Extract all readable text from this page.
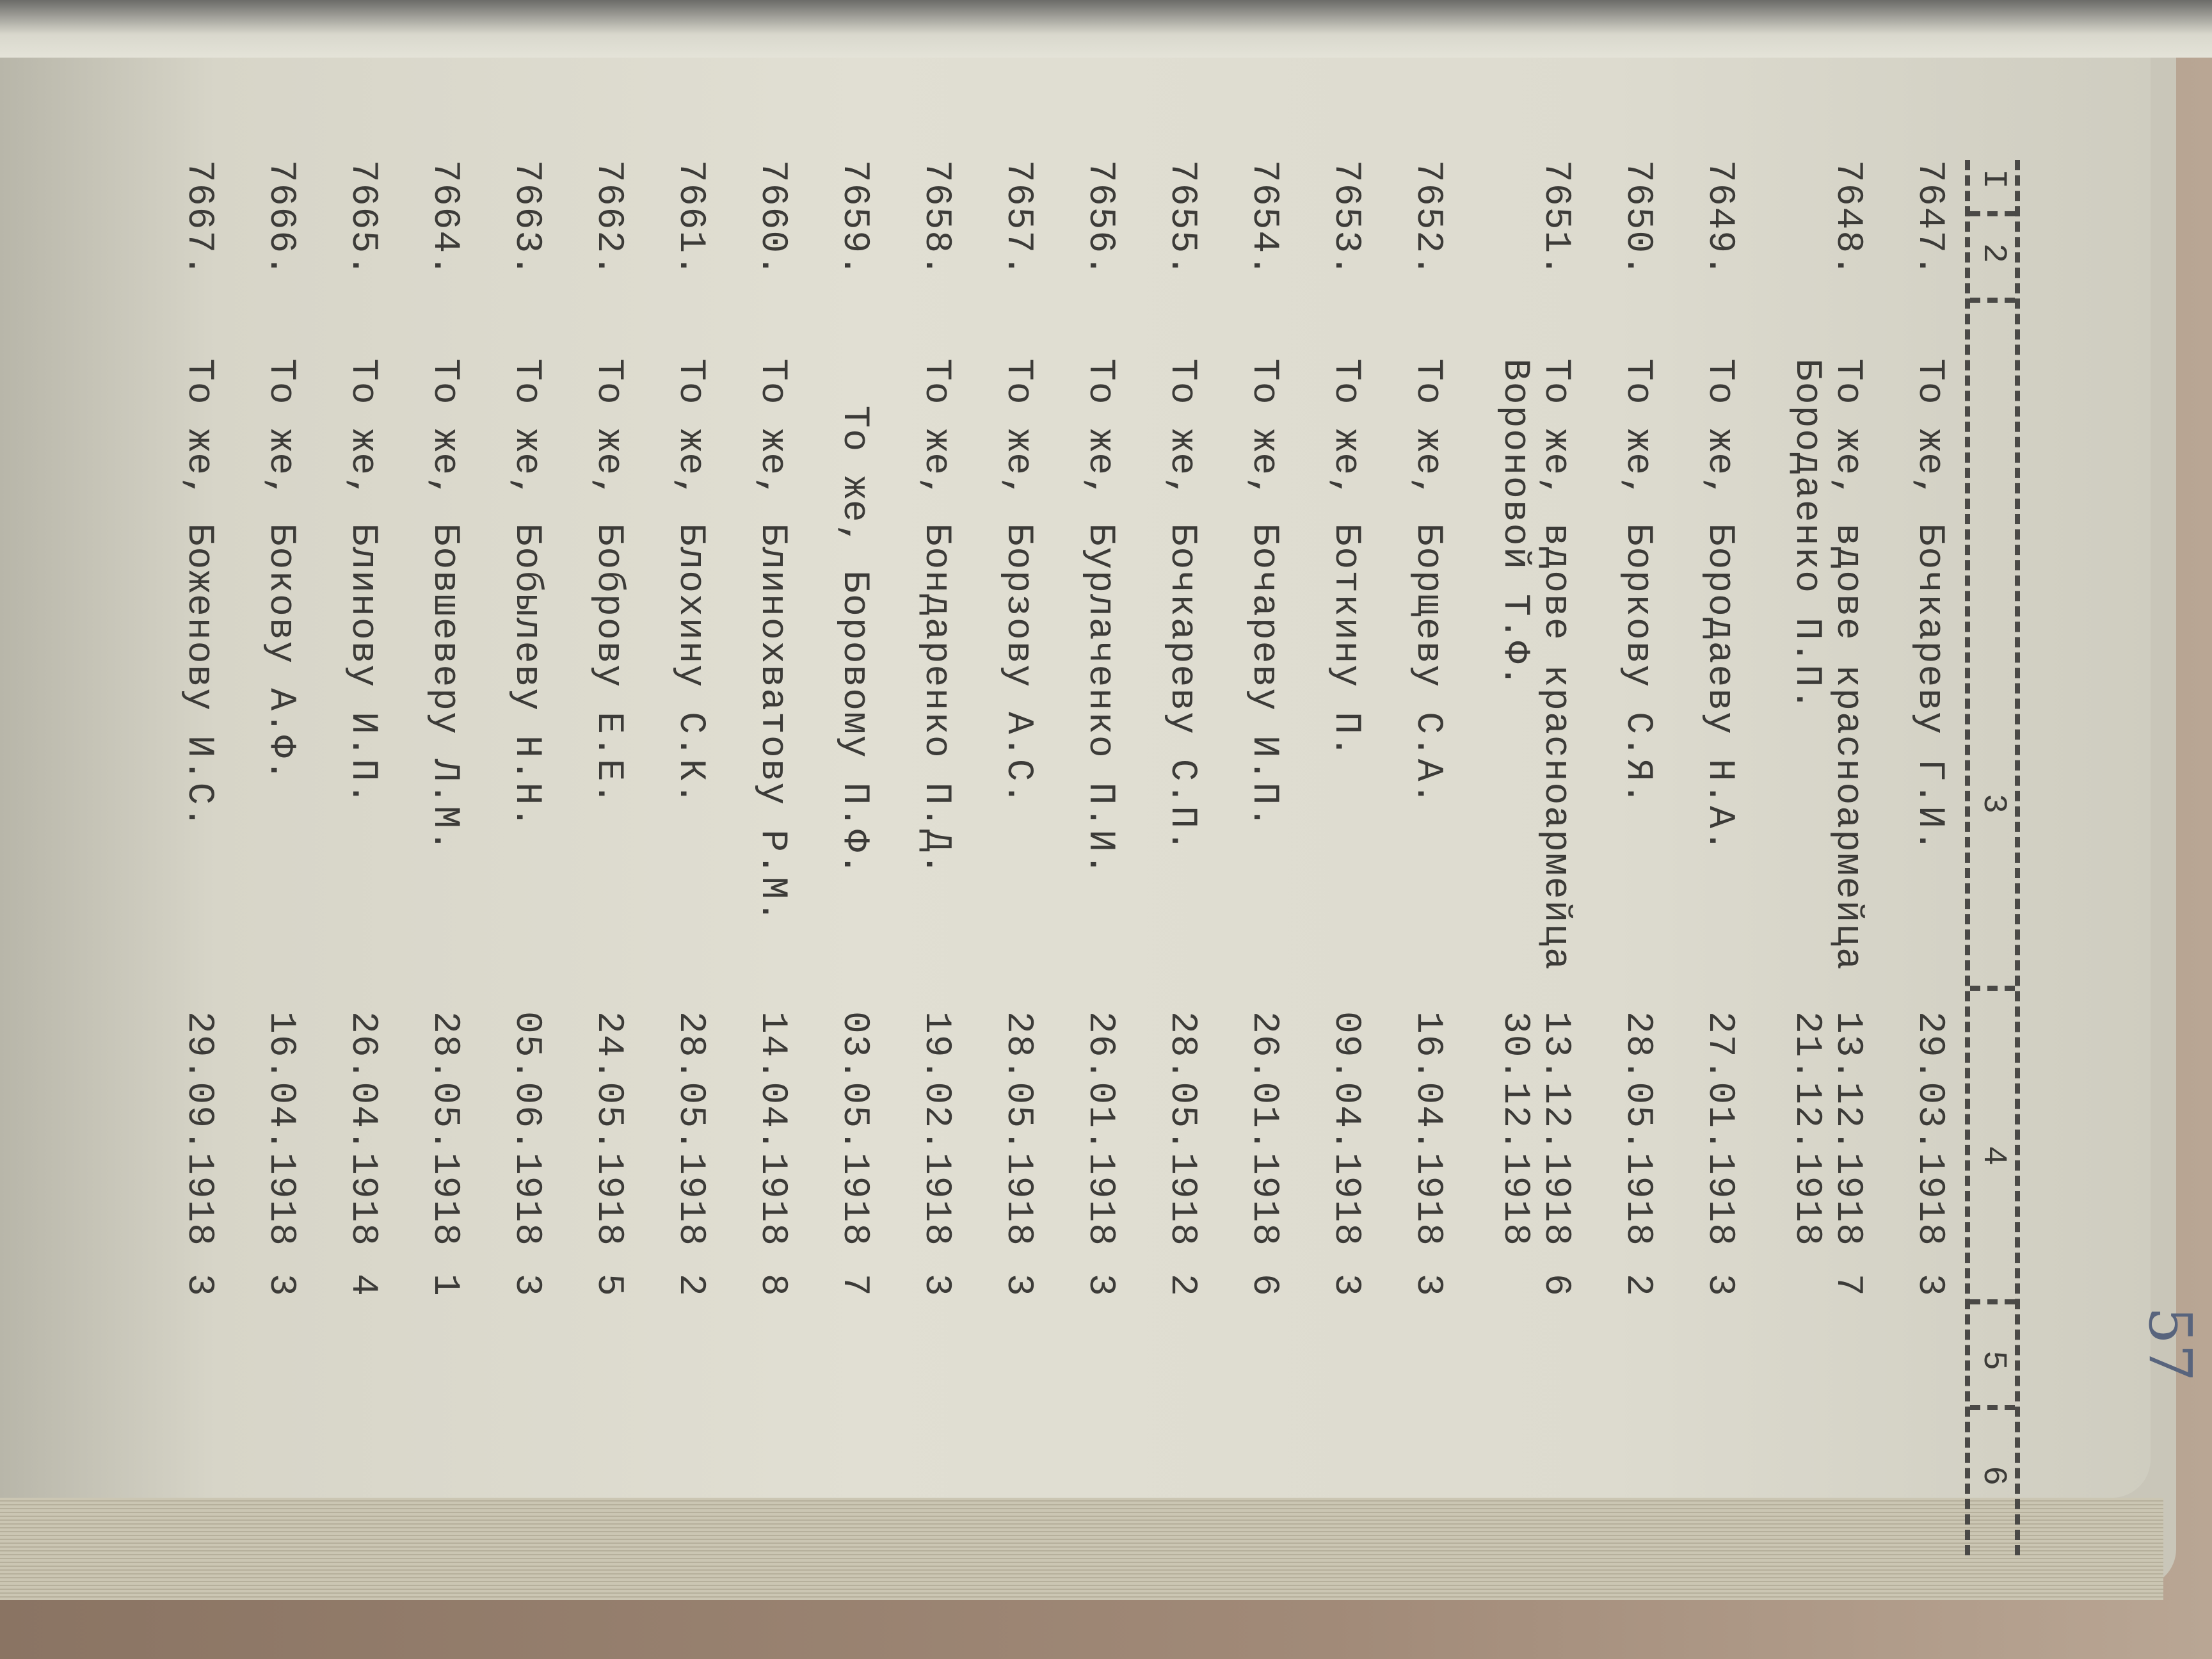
57
I
2
3
4
5
6
7647.
То же, Бочкареву Г.И.
29.03.1918
3
7648.
То же, вдове красноармейца
Бородаенко П.П.
13.12.1918
21.12.1918
7
7649.
То же, Бородаеву Н.А.
27.01.1918
3
7650.
То же, Боркову С.Я.
28.05.1918
2
7651.
То же, вдове красноармейца
Вороновой Т.Ф.
13.12.1918
30.12.1918
6
7652.
То же, Борщеву С.А.
16.04.1918
3
7653.
То же, Боткину П.
09.04.1918
3
7654.
То же, Бочареву И.П.
26.01.1918
6
7655.
То же, Бочкареву С.П.
28.05.1918
2
7656.
То же, Бурлаченко П.И.
26.01.1918
3
7657.
То же, Борзову А.С.
28.05.1918
3
7658.
То же, Бондаренко П.Д.
19.02.1918
3
7659.
То же, Боровому П.Ф.
03.05.1918
7
7660.
То же, Блинохватову Р.М.
14.04.1918
8
7661.
То же, Блохину С.К.
28.05.1918
2
7662.
То же, Боброву Е.Е.
24.05.1918
5
7663.
То же, Бобылеву Н.Н.
05.06.1918
3
7664.
То же, Бовшеверу Л.М.
28.05.1918
1
7665.
То же, Блинову И.П.
26.04.1918
4
7666.
То же, Бокову А.Ф.
16.04.1918
3
7667.
То же, Боженову И.С.
29.09.1918
3
